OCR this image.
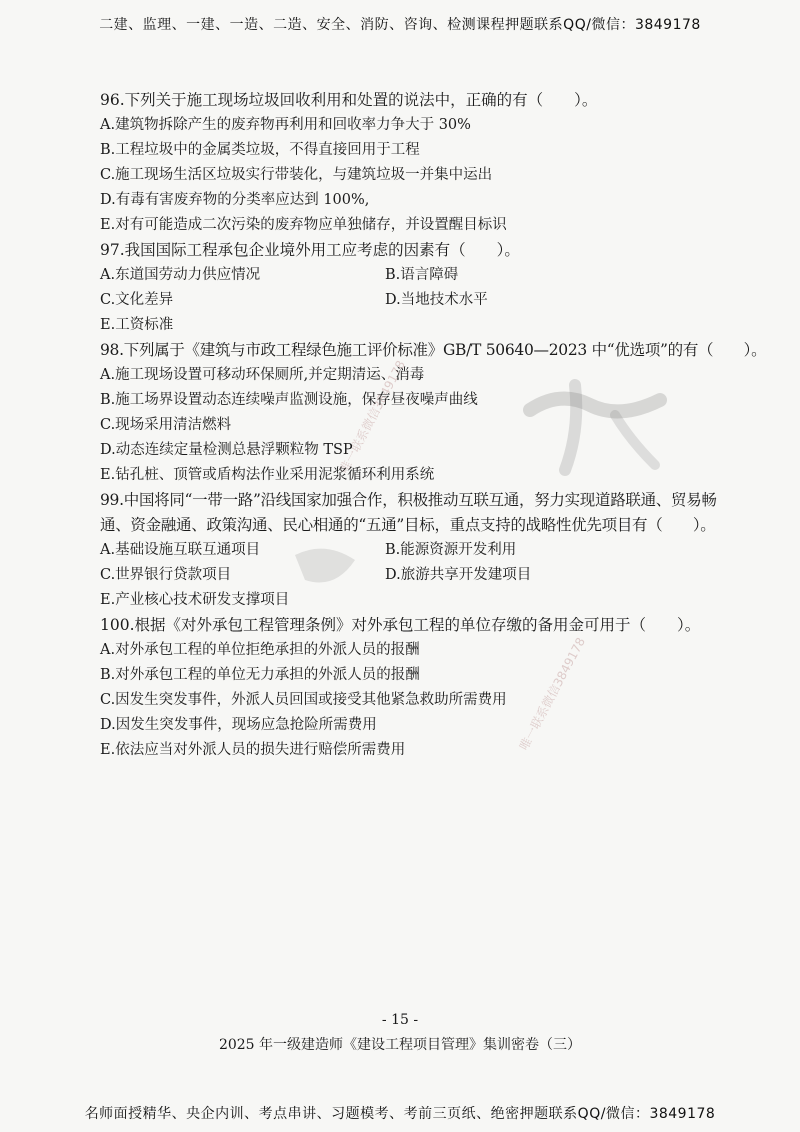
二建、监理、一建、一造、二造、安全、消防、咨询、检测课程押题联系QQ/微信：3849178
唯一联系微信3849178
唯一联系微信3849178

96.下列关于施工现场垃圾回收利用和处置的说法中，正确的有（　　）。

A.建筑物拆除产生的废弃物再利用和回收率力争大于 30%

B.工程垃圾中的金属类垃圾，不得直接回用于工程

C.施工现场生活区垃圾实行带装化，与建筑垃圾一并集中运出

D.有毒有害废弃物的分类率应达到 100%,

E.对有可能造成二次污染的废弃物应单独储存，并设置醒目标识

97.我国国际工程承包企业境外用工应考虑的因素有（　　）。

A.东道国劳动力供应情况	B.语言障碍

C.文化差异	D.当地技术水平

E.工资标准

98.下列属于《建筑与市政工程绿色施工评价标准》GB/T 50640—2023 中“优选项”的有（　　）。

A.施工现场设置可移动环保厕所,并定期清运、消毒

B.施工场界设置动态连续噪声监测设施，保存昼夜噪声曲线

C.现场采用清洁燃料

D.动态连续定量检测总悬浮颗粒物 TSP

E.钻孔桩、顶管或盾构法作业采用泥浆循环利用系统

99.中国将同“一带一路”沿线国家加强合作，积极推动互联互通，努力实现道路联通、贸易畅

通、资金融通、政策沟通、民心相通的“五通”目标，重点支持的战略性优先项目有（　　）。

A.基础设施互联互通项目	B.能源资源开发利用

C.世界银行贷款项目	D.旅游共享开发建项目

E.产业核心技术研发支撑项目

100.根据《对外承包工程管理条例》对外承包工程的单位存缴的备用金可用于（　　）。

A.对外承包工程的单位拒绝承担的外派人员的报酬

B.对外承包工程的单位无力承担的外派人员的报酬

C.因发生突发事件，外派人员回国或接受其他紧急救助所需费用

D.因发生突发事件，现场应急抢险所需费用

E.依法应当对外派人员的损失进行赔偿所需费用

- 15 -
2025 年一级建造师《建设工程项目管理》集训密卷（三）
名师面授精华、央企内训、考点串讲、习题模考、考前三页纸、绝密押题联系QQ/微信：3849178
